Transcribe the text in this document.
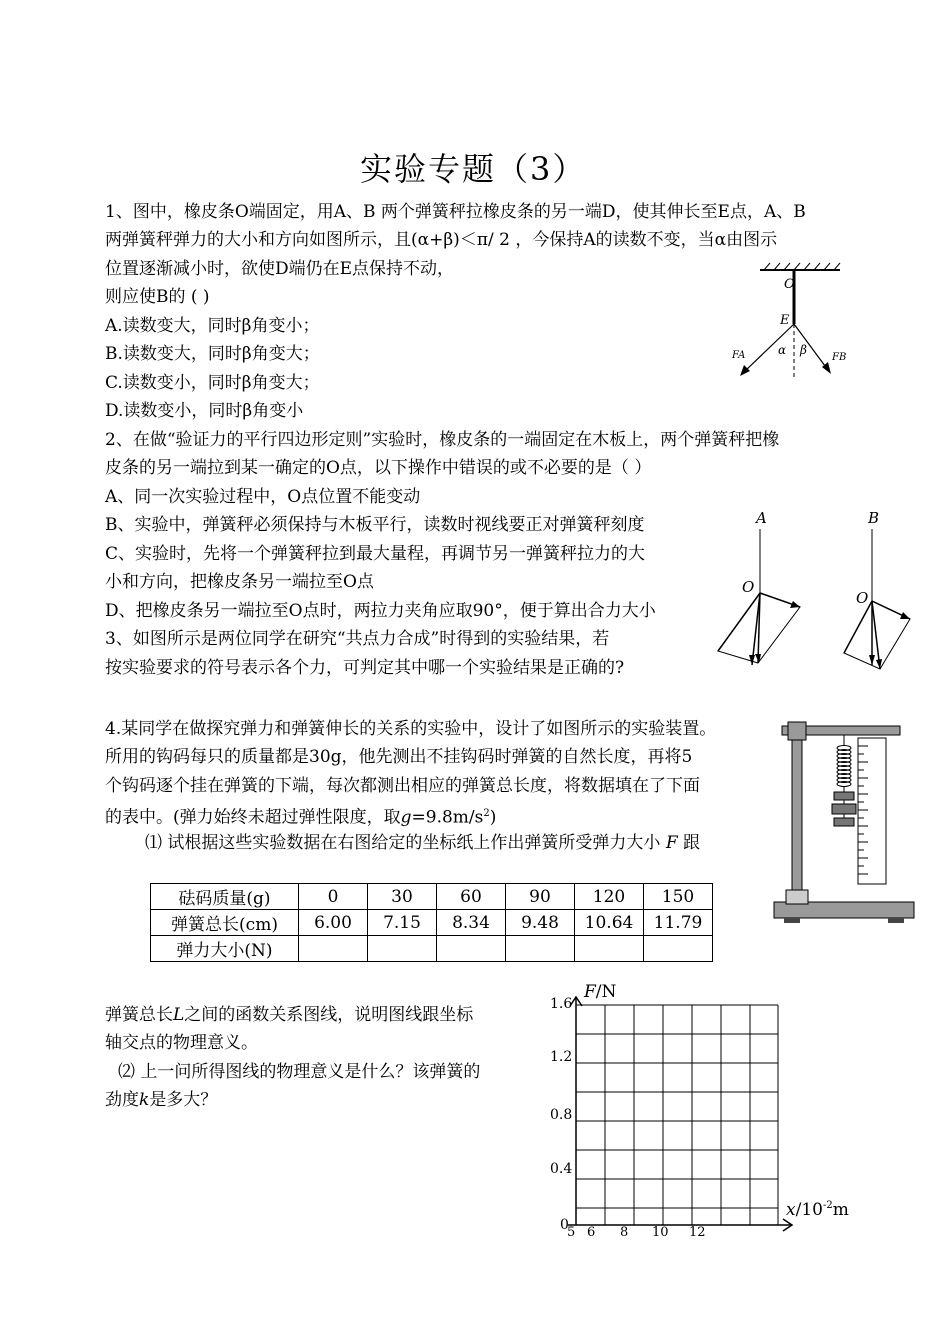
实验专题（3）
1、图中，橡皮条O端固定，用A、B 两个弹簧秤拉橡皮条的另一端D，使其伸长至E点，A、B
两弹簧秤弹力的大小和方向如图所示，且(α+β)＜π/ 2 ，今保持A的读数不变，当α由图示
位置逐渐减小时，欲使D端仍在E点保持不动，
则应使B的 ( )
A.读数变大，同时β角变小；
B.读数变大，同时β角变大；
C.读数变小，同时β角变大；
D.读数变小，同时β角变小
O
E
α β
FA	FB
2、在做“验证力的平行四边形定则”实验时，橡皮条的一端固定在木板上，两个弹簧秤把橡
皮条的另一端拉到某一确定的O点，以下操作中错误的或不必要的是（ ）
A、同一次实验过程中，O点位置不能变动
B、实验中，弹簧秤必须保持与木板平行，读数时视线要正对弹簧秤刻度
C、实验时，先将一个弹簧秤拉到最大量程，再调节另一弹簧秤拉力的大
小和方向，把橡皮条另一端拉至O点
D、把橡皮条另一端拉至O点时，两拉力夹角应取90°，便于算出合力大小
3、如图所示是两位同学在研究“共点力合成”时得到的实验结果，若
按实验要求的符号表示各个力，可判定其中哪一个实验结果是正确的?
A
O
B
O
4.某同学在做探究弹力和弹簧伸长的关系的实验中，设计了如图所示的实验装置。
所用的钩码每只的质量都是30g，他先测出不挂钩码时弹簧的自然长度，再将5
个钩码逐个挂在弹簧的下端，每次都测出相应的弹簧总长度，将数据填在了下面
的表中。(弹力始终未超过弹性限度，取$g=9.8m/s^2$)
⑴ 试根据这些实验数据在右图给定的坐标纸上作出弹簧所受弹力大小 F 跟
砝码质量(g)	0	30	60	90	120	150
弹簧总长(cm)	6.00	7.15	8.34	9.48	10.64	11.79
弹力大小(N)						
弹簧总长L之间的函数关系图线，说明图线跟坐标
轴交点的物理意义。
⑵ 上一问所得图线的物理意义是什么？该弹簧的
劲度k是多大？
F/N
$x/10^{-2}m$
1.6
1.2
0.8
0.4
0
5 6 8 10 12
